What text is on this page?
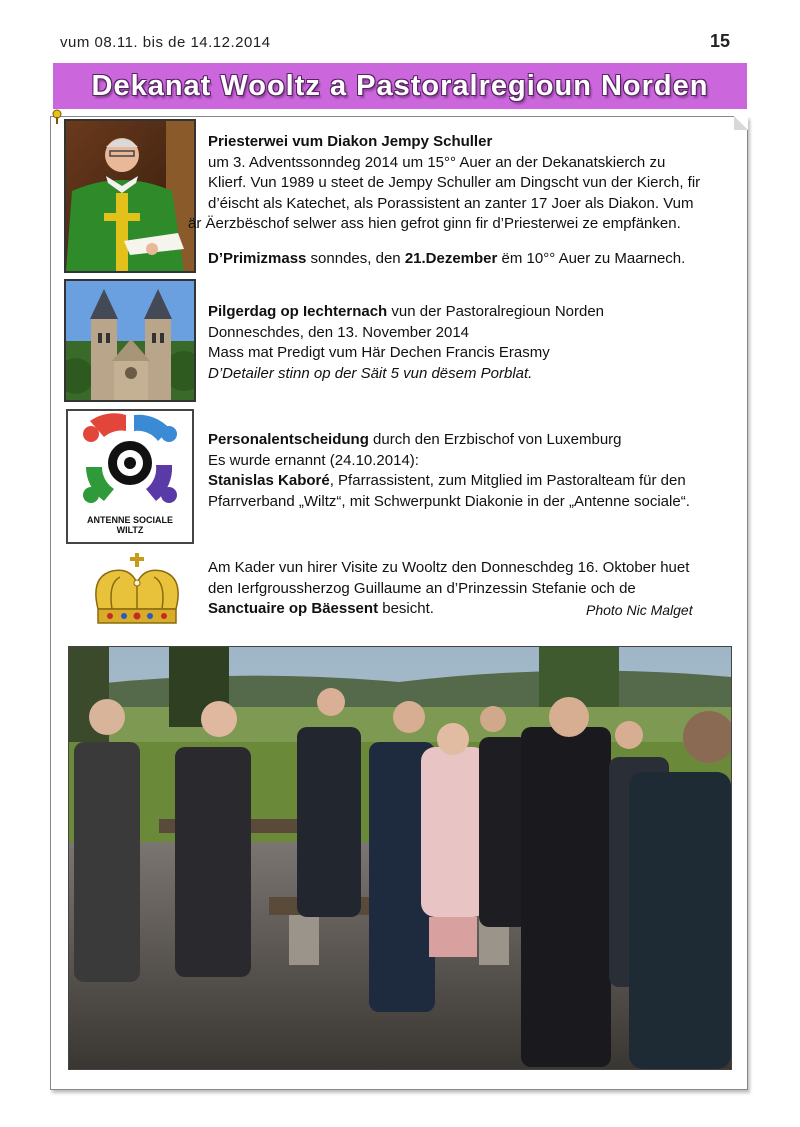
vum 08.11. bis de 14.12.2014	15
Dekanat Wooltz a Pastoralregioun Norden
Priesterwei vum Diakon Jempy Schuller
um 3. Adventssonndeg 2014 um 15°° Auer an der Dekanatskierch zu
Klierf. Vun 1989 u steet de Jempy Schuller am Dingscht vun der Kierch, fir
d’éischt als Katechet, als Porassistent an zanter 17 Joer als Diakon. Vum
är Äerzbëschof selwer ass hien gefrot ginn fir d’Priesterwei ze empfänken.
D’Primizmass sonndes, den 21.Dezember ëm 10°° Auer zu Maarnech.
Pilgerdag op Iechternach vun der Pastoralregioun Norden
Donneschdes, den 13. November 2014
Mass mat Predigt vum Här Dechen Francis Erasmy
D’Detailer stinn op der Säit 5 vun dësem Porblat.
ANTENNE SOCIALE
WILTZ
Personalentscheidung durch den Erzbischof von Luxemburg
Es wurde ernannt (24.10.2014):
Stanislas Kaboré, Pfarrassistent, zum Mitglied im Pastoralteam für den
Pfarrverband „Wiltz“, mit Schwerpunkt Diakonie in der „Antenne sociale“.
Am Kader vun hirer Visite zu Wooltz den Donneschdeg 16. Oktober huet
den Ierfgroussherzog Guillaume an d’Prinzessin Stefanie och de
Sanctuaire op Bäessent besicht.	Photo Nic Malget
